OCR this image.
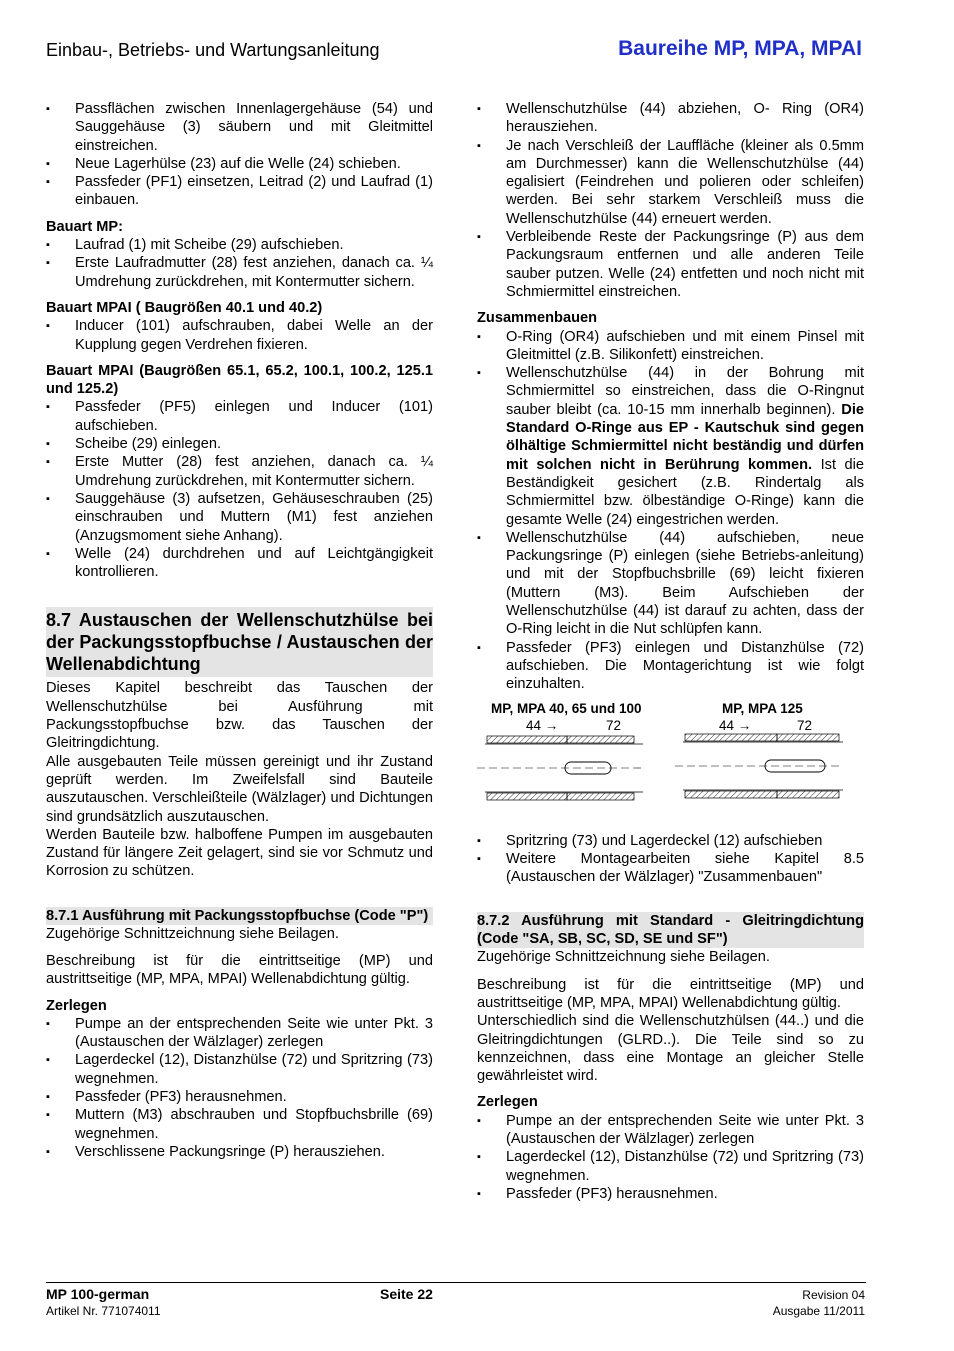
Einbau-, Betriebs- und Wartungsanleitung	Baureihe MP, MPA, MPAI
▪ Passflächen zwischen Innenlagergehäuse (54) und Sauggehäuse (3) säubern und mit Gleitmittel einstreichen.
▪ Neue Lagerhülse (23) auf die Welle (24) schieben.
▪ Passfeder (PF1) einsetzen, Leitrad (2) und Laufrad (1) einbauen.

Bauart MP:

▪ Laufrad (1) mit Scheibe (29) aufschieben.
▪ Erste Laufradmutter (28) fest anziehen, danach ca. ¼ Umdrehung zurückdrehen, mit Kontermutter sichern.

Bauart MPAI ( Baugrößen 40.1 und 40.2)

▪ Inducer (101) aufschrauben, dabei Welle an der Kupplung gegen Verdrehen fixieren.

Bauart MPAI (Baugrößen 65.1, 65.2, 100.1, 100.2, 125.1 und 125.2)

▪ Passfeder (PF5) einlegen und Inducer (101) aufschieben.
▪ Scheibe (29) einlegen.
▪ Erste Mutter (28) fest anziehen, danach ca. ¼ Umdrehung zurückdrehen, mit Kontermutter sichern.
▪ Sauggehäuse (3) aufsetzen, Gehäuseschrauben (25) einschrauben und Muttern (M1) fest anziehen (Anzugsmoment siehe Anhang).
▪ Welle (24) durchdrehen und auf Leichtgängigkeit kontrollieren.

8.7 Austauschen der Wellenschutzhülse bei der Packungsstopfbuchse / Austauschen der Wellenabdichtung

Dieses Kapitel beschreibt das Tauschen der Wellenschutzhülse bei Ausführung mit Packungsstopfbuchse bzw. das Tauschen der Gleitringdichtung.

Alle ausgebauten Teile müssen gereinigt und ihr Zustand geprüft werden. Im Zweifelsfall sind Bauteile auszutauschen. Verschleißteile (Wälzlager) und Dichtungen sind grundsätzlich auszutauschen.

Werden Bauteile bzw. halboffene Pumpen im ausgebauten Zustand für längere Zeit gelagert, sind sie vor Schmutz und Korrosion zu schützen.

8.7.1 Ausführung mit Packungsstopfbuchse (Code "P")

Zugehörige Schnittzeichnung siehe Beilagen.

Beschreibung ist für die eintrittseitige (MP) und austrittseitige (MP, MPA, MPAI) Wellenabdichtung gültig.

Zerlegen

▪ Pumpe an der entsprechenden Seite wie unter Pkt. 3 (Austauschen der Wälzlager) zerlegen
▪ Lagerdeckel (12), Distanzhülse (72) und Spritzring (73) wegnehmen.
▪ Passfeder (PF3) herausnehmen.
▪ Muttern (M3) abschrauben und Stopfbuchsbrille (69) wegnehmen.
▪ Verschlissene Packungsringe (P) herausziehen.
▪ Wellenschutzhülse (44) abziehen, O- Ring (OR4) herausziehen.
▪ Je nach Verschleiß der Lauffläche (kleiner als 0.5mm am Durchmesser) kann die Wellenschutzhülse (44) egalisiert (Feindrehen und polieren oder schleifen) werden. Bei sehr starkem Verschleiß muss die Wellenschutzhülse (44) erneuert werden.
▪ Verbleibende Reste der Packungsringe (P) aus dem Packungsraum entfernen und alle anderen Teile sauber putzen. Welle (24) entfetten und noch nicht mit Schmiermittel einstreichen.

Zusammenbauen

▪ O-Ring (OR4) aufschieben und mit einem Pinsel mit Gleitmittel (z.B. Silikonfett) einstreichen.
▪ Wellenschutzhülse (44) in der Bohrung mit Schmiermittel so einstreichen, dass die O-Ringnut sauber bleibt (ca. 10-15 mm innerhalb beginnen). Die Standard O-Ringe aus EP - Kautschuk sind gegen ölhältige Schmiermittel nicht beständig und dürfen mit solchen nicht in Berührung kommen. Ist die Beständigkeit gesichert (z.B. Rindertalg als Schmiermittel bzw. ölbeständige O-Ringe) kann die gesamte Welle (24) eingestrichen werden.
▪ Wellenschutzhülse (44) aufschieben, neue Packungsringe (P) einlegen (siehe Betriebs-anleitung) und mit der Stopfbuchsbrille (69) leicht fixieren (Muttern (M3). Beim Aufschieben der Wellenschutzhülse (44) ist darauf zu achten, dass der O-Ring leicht in die Nut schlüpfen kann.
▪ Passfeder (PF3) einlegen und Distanzhülse (72) aufschieben. Die Montagerichtung ist wie folgt einzuhalten.
MP, MPA 40, 65 und 100
44 →	72
MP, MPA 125
44 →	72
▪ Spritzring (73) und Lagerdeckel (12) aufschieben
▪ Weitere Montagearbeiten siehe Kapitel 8.5 (Austauschen der Wälzlager) "Zusammenbauen"

8.7.2 Ausführung mit Standard - Gleitringdichtung (Code "SA, SB, SC, SD, SE und SF")

Zugehörige Schnittzeichnung siehe Beilagen.

Beschreibung ist für die eintrittseitige (MP) und austrittseitige (MP, MPA, MPAI) Wellenabdichtung gültig.

Unterschiedlich sind die Wellenschutzhülsen (44..) und die Gleitringdichtungen (GLRD..). Die Teile sind so zu kennzeichnen, dass eine Montage an gleicher Stelle gewährleistet wird.

Zerlegen

▪ Pumpe an der entsprechenden Seite wie unter Pkt. 3 (Austauschen der Wälzlager) zerlegen
▪ Lagerdeckel (12), Distanzhülse (72) und Spritzring (73) wegnehmen.
▪ Passfeder (PF3) herausnehmen.
MP 100-german	Seite 22	Revision 04
Artikel Nr. 771074011	Ausgabe 11/2011
